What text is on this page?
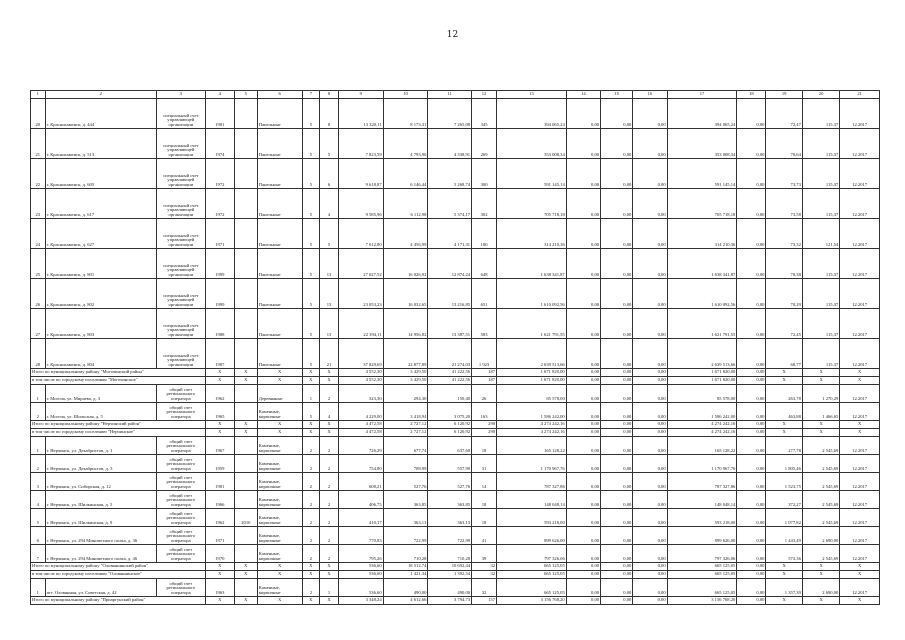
12
1	2	3	4	5	6	7	8	9	10	11	12	13	14	15	16	17	18	19	20	21
20	г. Краснокаменск, д. 444	специальный счет управляющей организации	1981		Панельные	5	8	13 320,11	8 173,31	7 265,08	345	394 065,24	0,00	0,00	0,00	394 065,24	0,00	72,47	115,37	12.2017
21	г. Краснокаменск, д. 513	специальный счет управляющей организации	1974		Панельные	5	5	7 823,59	4 793,96	4 338,91	269	353 008,34	0,00	0,00	0,00	353 008,34	0,00	70,64	115,37	12.2017
22	г. Краснокаменск, д. 605	специальный счет управляющей организации	1972		Панельные	5	6	9 618,87	6 146,44	5 268,74	300	591 145,14	0,00	0,00	0,00	591 145,14	0,00	73,73	115,37	12.2017
23	г. Краснокаменск, д. 617	специальный счет управляющей организации	1972		Панельные	5	4	9 585,96	6 112,98	5 374,17	302	705 718,18	0,00	0,00	0,00	705 718,18	0,00	73,58	115,37	12.2017
24	г. Краснокаменск, д. 627	специальный счет управляющей организации	1971		Панельные	5	5	7 012,80	4 456,99	4 171,31	180	314 210,36	0,00	0,00	0,00	314 210,36	0,00	73,32	121,54	12.2017
25	г. Краснокаменск, д. 801	специальный счет управляющей организации	1999		Панельные	5	13	27 027,52	16 026,92	12 874,24	648	1 638 341,87	0,00	0,00	0,00	1 638 341,87	0,00	70,38	115,37	12.2017
26	г. Краснокаменск, д. 802	специальный счет управляющей организации	1999		Панельные	5	13	23 053,23	16 032,65	13 216,85	651	1 610 092,56	0,00	0,00	0,00	1 610 092,56	0,00	70,29	115,37	12.2017
27	г. Краснокаменск, д. 803	специальный счет управляющей организации	1988		Панельные	5	13	22 394,11	14 956,82	13 387,51	583	1 621 791,55	0,00	0,00	0,00	1 621 791,55	0,00	72,45	115,37	12.2017
28	г. Краснокаменск, д. 804	специальный счет управляющей организации	1987		Панельные	5	21	37 829,69	22 877,89	21 274,03	1 923	2 639 513,66	0,00	0,00	0,00	2 639 513,66	0,00	68,77	115,37	12.2017
Итого по муниципальному району "Могочинский район"			Х	Х	Х	Х	Х	4 552,30	3 429,50	41 222,56	187	1 671 820,00	0,00	0,00	0,00	1 671 820,00	0,00	Х	Х	Х
в том числе по городскому поселению "Могочинское"			Х	Х	Х	Х	Х	4 552,30	3 429,50	41 222,56	187	1 671 820,00	0,00	0,00	0,00	1 671 820,00	0,00	Х	Х	Х
1	г. Могоча, ул. Мираева, д. 3	общий счет регионального оператора	1962		Деревянные	1	2	323,30	294,30	150,40	26	85 578,00	0,00	0,00	0,00	85 578,00	0,00	263,78	1 270,29	12.2017
2	г. Могоча, ул. Шильская, д. 5	общий счет регионального оператора	1965		Каменные, кирпичные	5	4	4 229,00	3 418,94	3 075,20	163	1 586 242,00	0,00	0,00	0,00	1 586 242,00	0,00	463,88	1 466,65	12.2017
Итого по муниципальному району "Нерчинский район"			Х	Х	Х	Х	Х	4 472,58	2 727,12	6 120,92	290	4 274 242,16	0,00	0,00	0,00	4 274 242,16	0,00	Х	Х	Х
в том числе по городскому поселению "Нерчинское"			Х	Х	Х	Х	Х	4 472,58	2 727,12	6 120,92	290	4 274 242,16	0,00	0,00	0,00	4 274 242,16	0,00	Х	Х	Х
1	г. Нерчинск, ул. Декабристов, д. 1	общий счет регионального оператора	1967		Каменные, кирпичные	2	2	726,29	677,74	637,60	18	165 128,22	0,00	0,00	0,00	165 128,22	0,00	277,78	2 545,69	12.2017
2	г. Нерчинск, ул. Декабристов, д. 3	общий счет регионального оператора	1959		Каменные, кирпичные	2	2	754,80	708,99	557,90	31	1 170 967,76	0,00	0,00	0,00	1 170 967,76	0,00	1 805,46	2 545,69	12.2017
3	г. Нерчинск, ул. Сибирская, д. 12	общий счет регионального оператора	1981		Каменные, кирпичные	2	2	608,21	527,76	527,76	14	787 327,86	0,00	0,00	0,00	787 327,86	0,00	1 523,75	2 545,69	12.2017
4	г. Нерчинск, ул. Шилкинская, д. 5	общий счет регионального оператора	1966		Каменные, кирпичные	2	2	406,75	363,85	363,85	18	148 048,14	0,00	0,00	0,00	148 048,14	0,00	372,27	2 545,69	12.2017
5	г. Нерчинск, ул. Шилкинская, д. 9	общий счет регионального оператора	1962	2010	Каменные, кирпичные	2	2	410,17	363,13	363,13	18	593 218,00	0,00	0,00	0,00	593 218,00	0,00	1 077,82	2 545,69	12.2017
6	г. Нерчинск, ул. 294 Минометного полка, д. 36	общий счет регионального оператора	1971		Каменные, кирпичные	2	2	770,83	722,99	722,99	41	899 626,00	0,00	0,00	0,00	899 626,00	0,00	1 443,49	2 690,00	12.2017
7	г. Нерчинск, ул. 294 Минометного полка, д. 46	общий счет регионального оператора	1970		Каменные, кирпичные	2	2	795,26	710,28	710,28	39	797 326,06	0,00	0,00	0,00	797 326,06	0,00	573,36	2 545,69	12.2017
Итого по муниципальному району "Оловяннинский район"			Х	Х	Х	Х	Х	536,60	18 512,74	10 692,44	32	665 125,05	0,00	0,00	0,00	665 125,05	0,00	Х	Х	Х
в том числе по городскому поселению "Оловяннинское"			Х	Х	Х	Х	Х	536,60	1 421,34	1 392,54	32	665 125,05	0,00	0,00	0,00	665 125,05	0,00	Х	Х	Х
1	пгт. Оловянная, ул. Советская, д. 42	общий счет регионального оператора	1963		Каменные, кирпичные	2	1	536,60	490,00	490,00	32	665 125,05	0,00	0,00	0,00	665 125,05	0,00	1 357,39	2 690,00	12.2017
Итого по муниципальному району "Приаргунский район"			Х	Х	Х	Х	Х	3 348,24	4 612,66	3 794,73	157	3 156 768,20	0,00	0,00	0,00	3 156 768,20	0,00	Х	Х	Х
